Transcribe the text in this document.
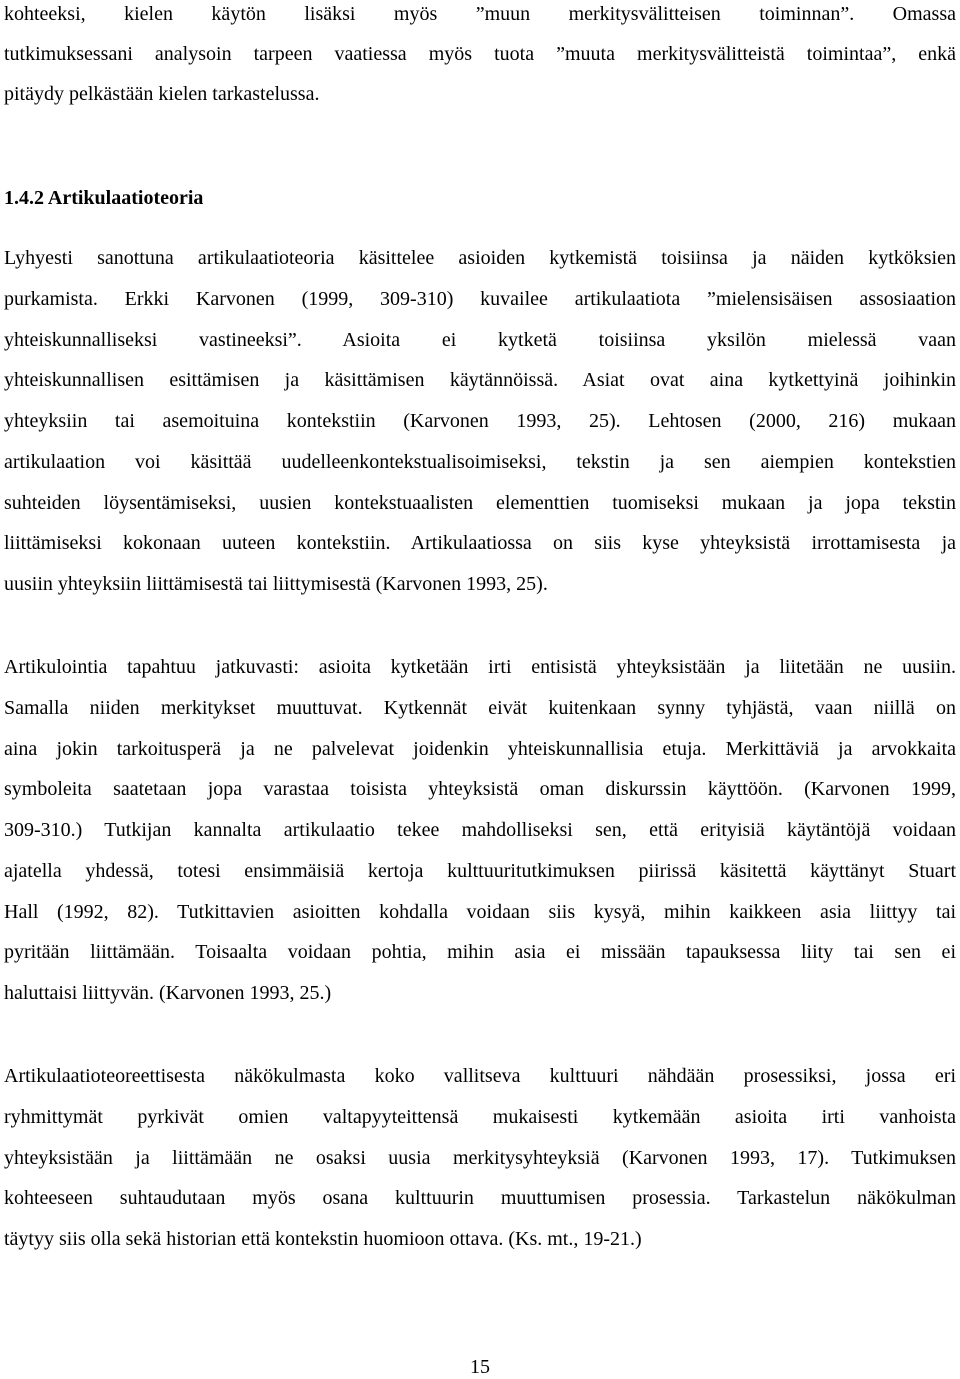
kohteeksi, kielen käytön lisäksi myös ”muun merkitysvälitteisen toiminnan”. Omassa
tutkimuksessani analysoin tarpeen vaatiessa myös tuota ”muuta merkitysvälitteistä toimintaa”, enkä
pitäydy pelkästään kielen tarkastelussa.
1.4.2 Artikulaatioteoria
Lyhyesti sanottuna artikulaatioteoria käsittelee asioiden kytkemistä toisiinsa ja näiden kytköksien
purkamista. Erkki Karvonen (1999, 309-310) kuvailee artikulaatiota ”mielensisäisen assosiaation
yhteiskunnalliseksi vastineeksi”. Asioita ei kytketä toisiinsa yksilön mielessä vaan
yhteiskunnallisen esittämisen ja käsittämisen käytännöissä. Asiat ovat aina kytkettyinä joihinkin
yhteyksiin tai asemoituina kontekstiin (Karvonen 1993, 25). Lehtosen (2000, 216) mukaan
artikulaation voi käsittää uudelleenkontekstualisoimiseksi, tekstin ja sen aiempien kontekstien
suhteiden löysentämiseksi, uusien kontekstuaalisten elementtien tuomiseksi mukaan ja jopa tekstin
liittämiseksi kokonaan uuteen kontekstiin. Artikulaatiossa on siis kyse yhteyksistä irrottamisesta ja
uusiin yhteyksiin liittämisestä tai liittymisestä (Karvonen 1993, 25).
Artikulointia tapahtuu jatkuvasti: asioita kytketään irti entisistä yhteyksistään ja liitetään ne uusiin.
Samalla niiden merkitykset muuttuvat. Kytkennät eivät kuitenkaan synny tyhjästä, vaan niillä on
aina jokin tarkoitusperä ja ne palvelevat joidenkin yhteiskunnallisia etuja. Merkittäviä ja arvokkaita
symboleita saatetaan jopa varastaa toisista yhteyksistä oman diskurssin käyttöön. (Karvonen 1999,
309-310.) Tutkijan kannalta artikulaatio tekee mahdolliseksi sen, että erityisiä käytäntöjä voidaan
ajatella yhdessä, totesi ensimmäisiä kertoja kulttuuritutkimuksen piirissä käsitettä käyttänyt Stuart
Hall (1992, 82). Tutkittavien asioitten kohdalla voidaan siis kysyä, mihin kaikkeen asia liittyy tai
pyritään liittämään. Toisaalta voidaan pohtia, mihin asia ei missään tapauksessa liity tai sen ei
haluttaisi liittyvän. (Karvonen 1993, 25.)
Artikulaatioteoreettisesta näkökulmasta koko vallitseva kulttuuri nähdään prosessiksi, jossa eri
ryhmittymät pyrkivät omien valtapyyteittensä mukaisesti kytkemään asioita irti vanhoista
yhteyksistään ja liittämään ne osaksi uusia merkitysyhteyksiä (Karvonen 1993, 17). Tutkimuksen
kohteeseen suhtaudutaan myös osana kulttuurin muuttumisen prosessia. Tarkastelun näkökulman
täytyy siis olla sekä historian että kontekstin huomioon ottava. (Ks. mt., 19-21.)
15
